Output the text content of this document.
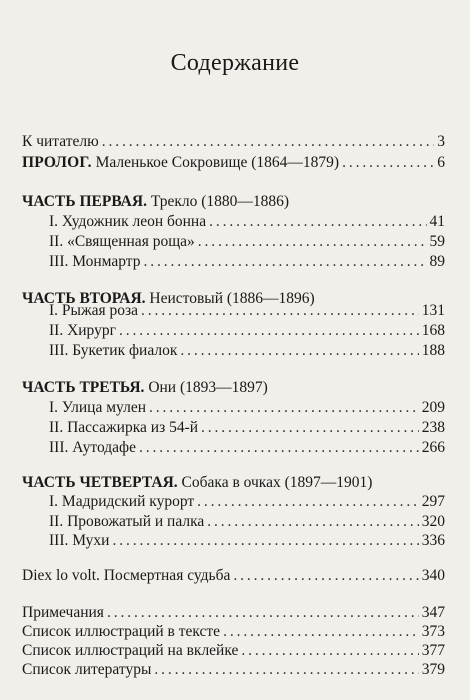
Содержание
К читателю . . .	3
ПРОЛОГ. Маленькое Сокровище (1864—1879) . . .	6
ЧАСТЬ ПЕРВАЯ. Трекло (1880—1886)
I. Художник леон бонна . . .	41
II. «Священная роща» . . .	59
III. Монмартр . . .	89
ЧАСТЬ ВТОРАЯ. Неистовый (1886—1896)
I. Рыжая роза . . .	131
II. Хирург . . .	168
III. Букетик фиалок . . .	188
ЧАСТЬ ТРЕТЬЯ. Они (1893—1897)
I. Улица мулен . . .	209
II. Пассажирка из 54-й . . .	238
III. Аутодафе . . .	266
ЧАСТЬ ЧЕТВЕРТАЯ. Собака в очках (1897—1901)
I. Мадридский курорт . . .	297
II. Провожатый и палка . . .	320
III. Мухи . . .	336
Diex lo volt. Посмертная судьба . . .	340
Примечания . . .	347
Список иллюстраций в тексте . . .	373
Список иллюстраций на вклейке . . .	377
Список литературы . . .	379
